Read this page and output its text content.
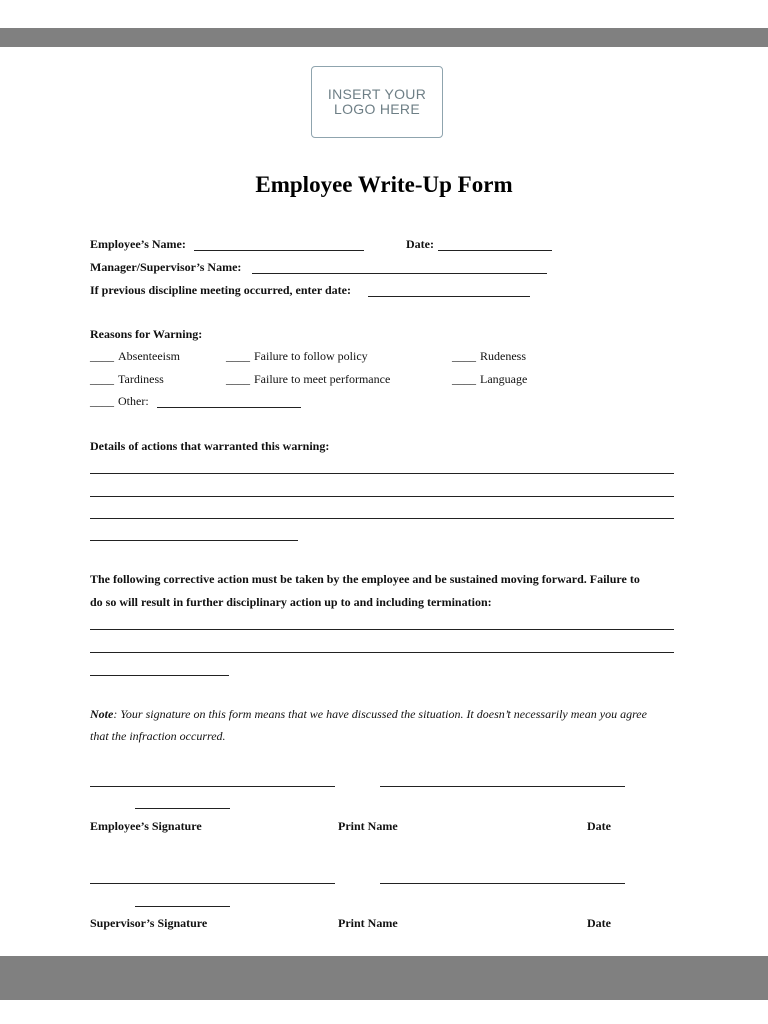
INSERT YOUR
LOGO HERE
Employee Write-Up Form
Employee’s Name:	Date:
Manager/Supervisor’s Name:
If previous discipline meeting occurred, enter date:
Reasons for Warning:
____ Absenteeism	____ Failure to follow policy	____ Rudeness
____ Tardiness	____ Failure to meet performance	____ Language
____ Other:
Details of actions that warranted this warning:
The following corrective action must be taken by the employee and be sustained moving forward. Failure to
do so will result in further disciplinary action up to and including termination:
Note: Your signature on this form means that we have discussed the situation. It doesn’t necessarily mean you agree
that the infraction occurred.
Employee’s Signature	Print Name	Date
Supervisor’s Signature	Print Name	Date
